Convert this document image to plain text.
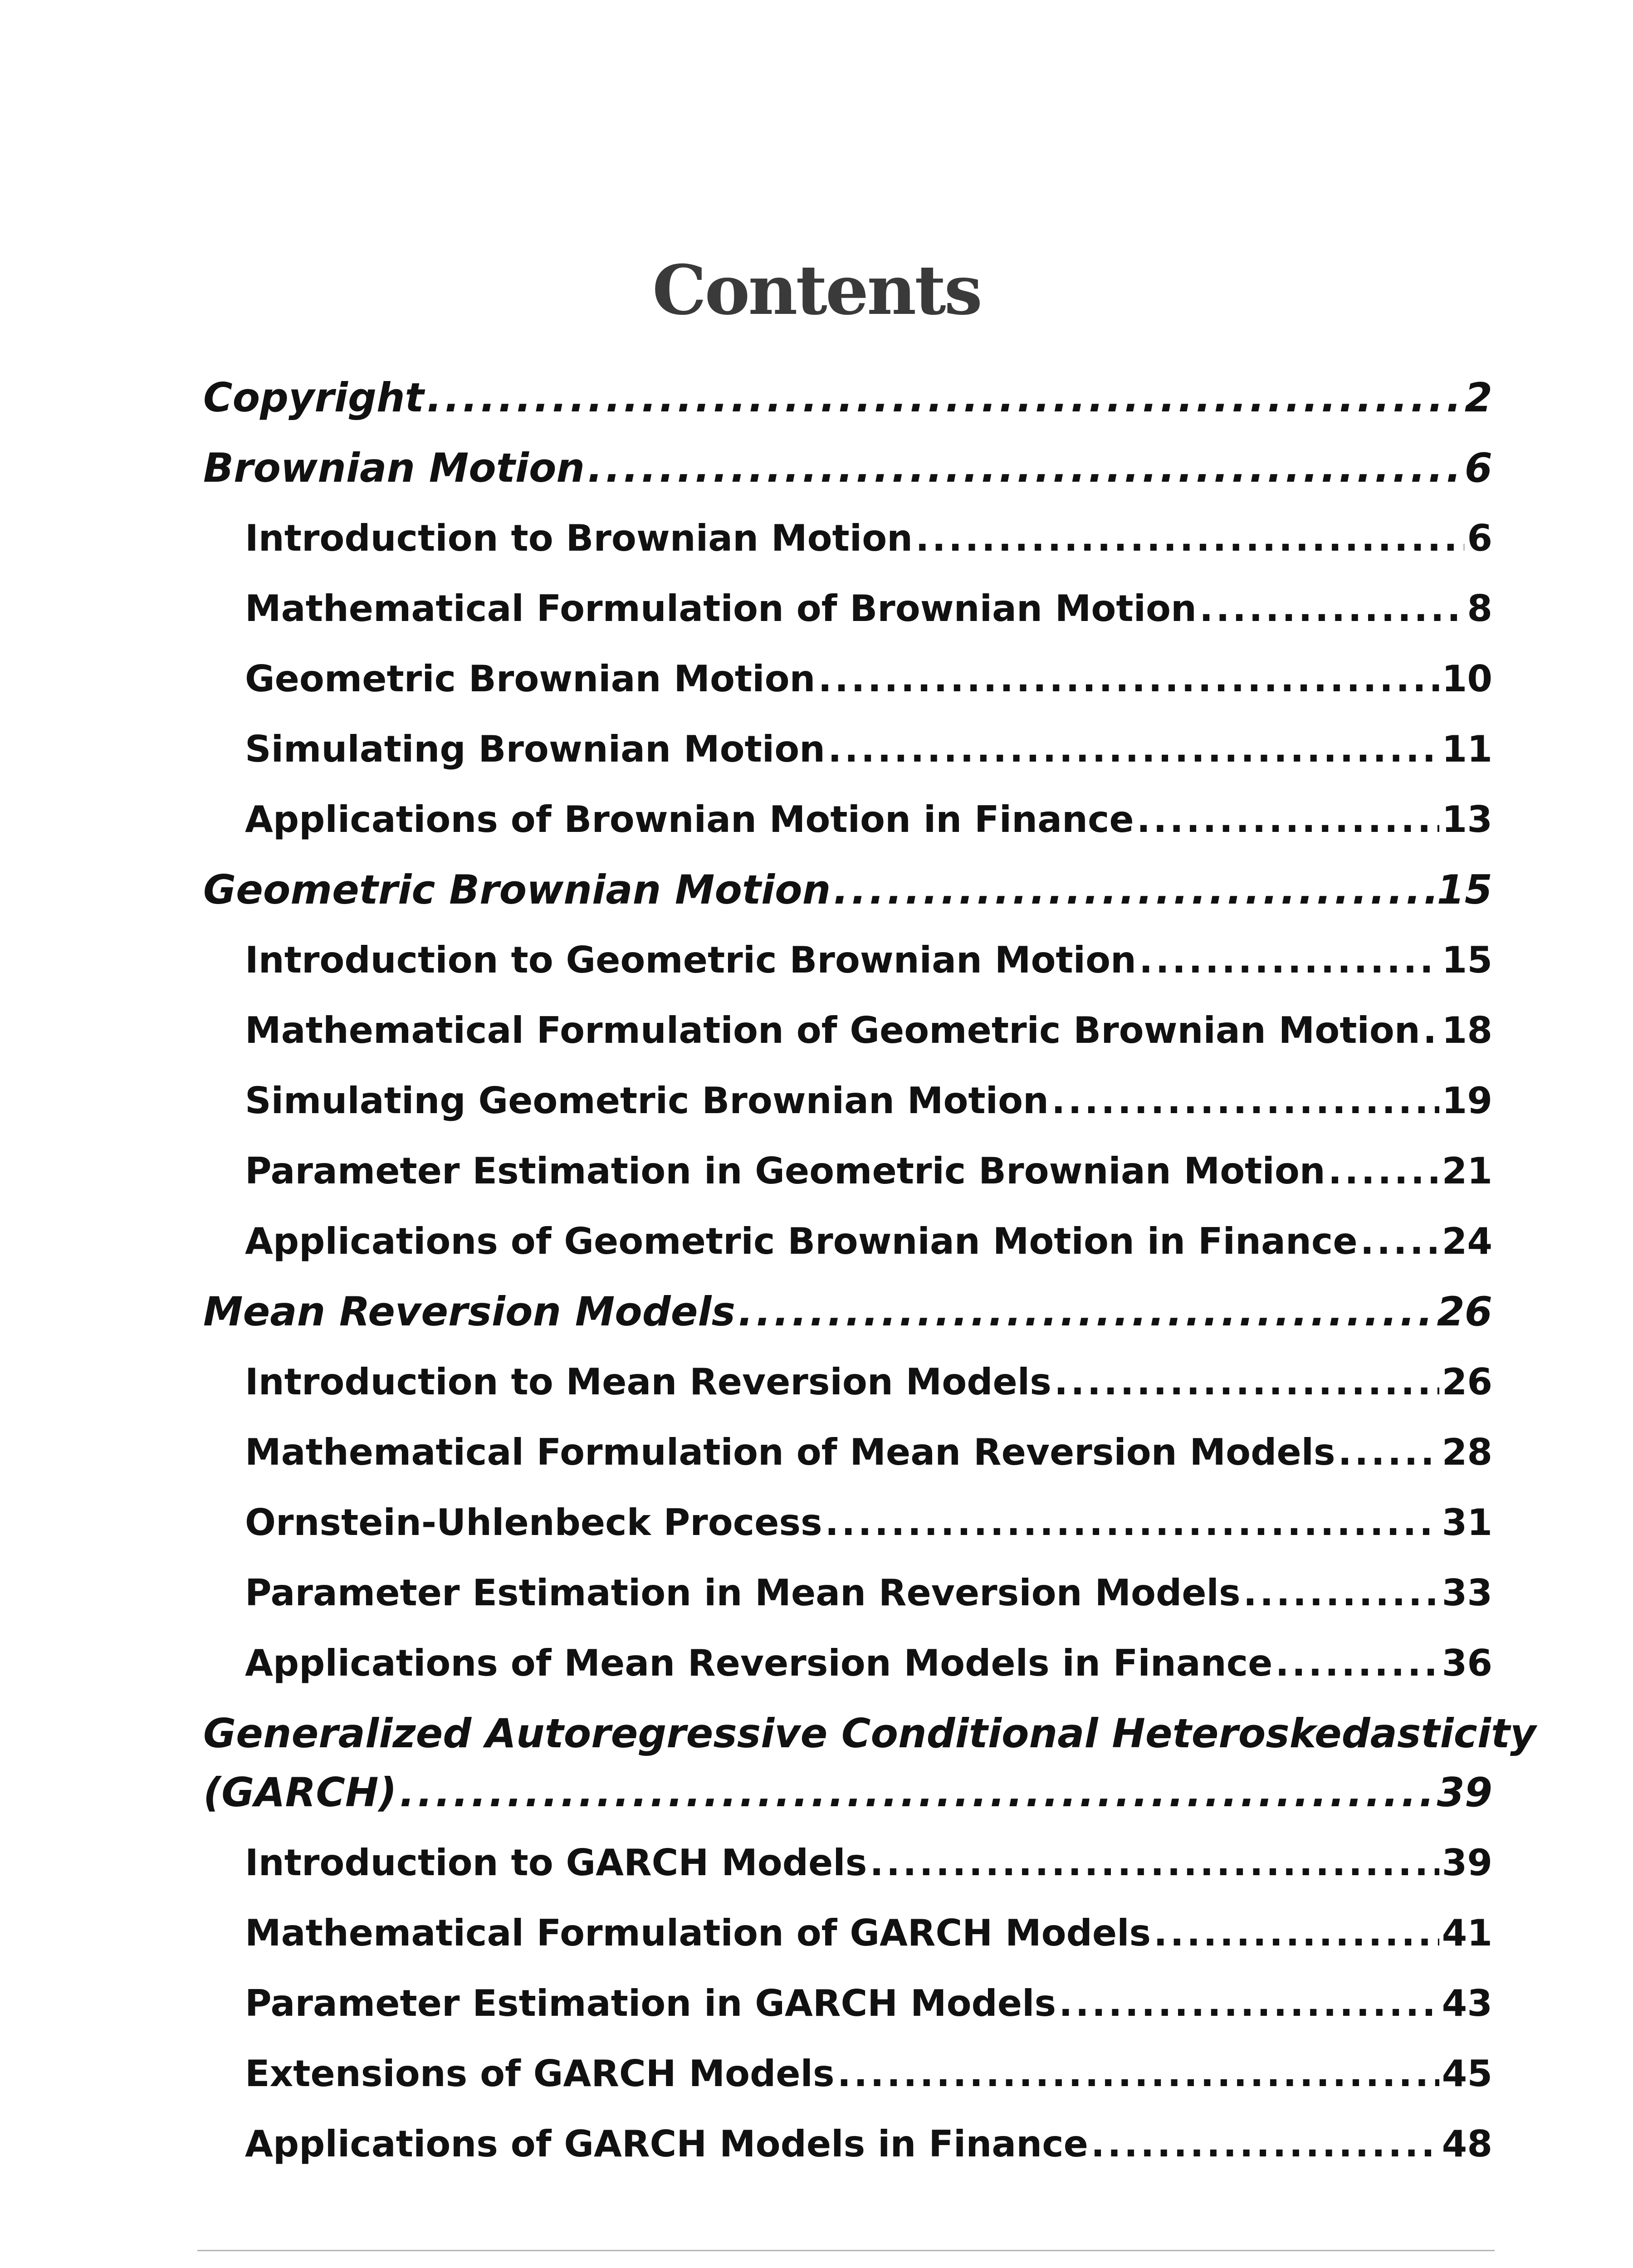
Contents
Copyright .....	2
Brownian Motion .....	6
Introduction to Brownian Motion .....	6
Mathematical Formulation of Brownian Motion .....	8
Geometric Brownian Motion .....	10
Simulating Brownian Motion .....	11
Applications of Brownian Motion in Finance .....	13
Geometric Brownian Motion .....	15
Introduction to Geometric Brownian Motion .....	15
Mathematical Formulation of Geometric Brownian Motion ..... 18
Simulating Geometric Brownian Motion .....	19
Parameter Estimation in Geometric Brownian Motion .....	21
Applications of Geometric Brownian Motion in Finance ..... 24
Mean Reversion Models .....	26
Introduction to Mean Reversion Models .....	26
Mathematical Formulation of Mean Reversion Models .....	28
Ornstein-Uhlenbeck Process .....	31
Parameter Estimation in Mean Reversion Models .....	33
Applications of Mean Reversion Models in Finance .....	36
Generalized Autoregressive Conditional Heteroskedasticity
(GARCH) .....	39
Introduction to GARCH Models .....	39
Mathematical Formulation of GARCH Models .....	41
Parameter Estimation in GARCH Models .....	43
Extensions of GARCH Models .....	45
Applications of GARCH Models in Finance .....	48
